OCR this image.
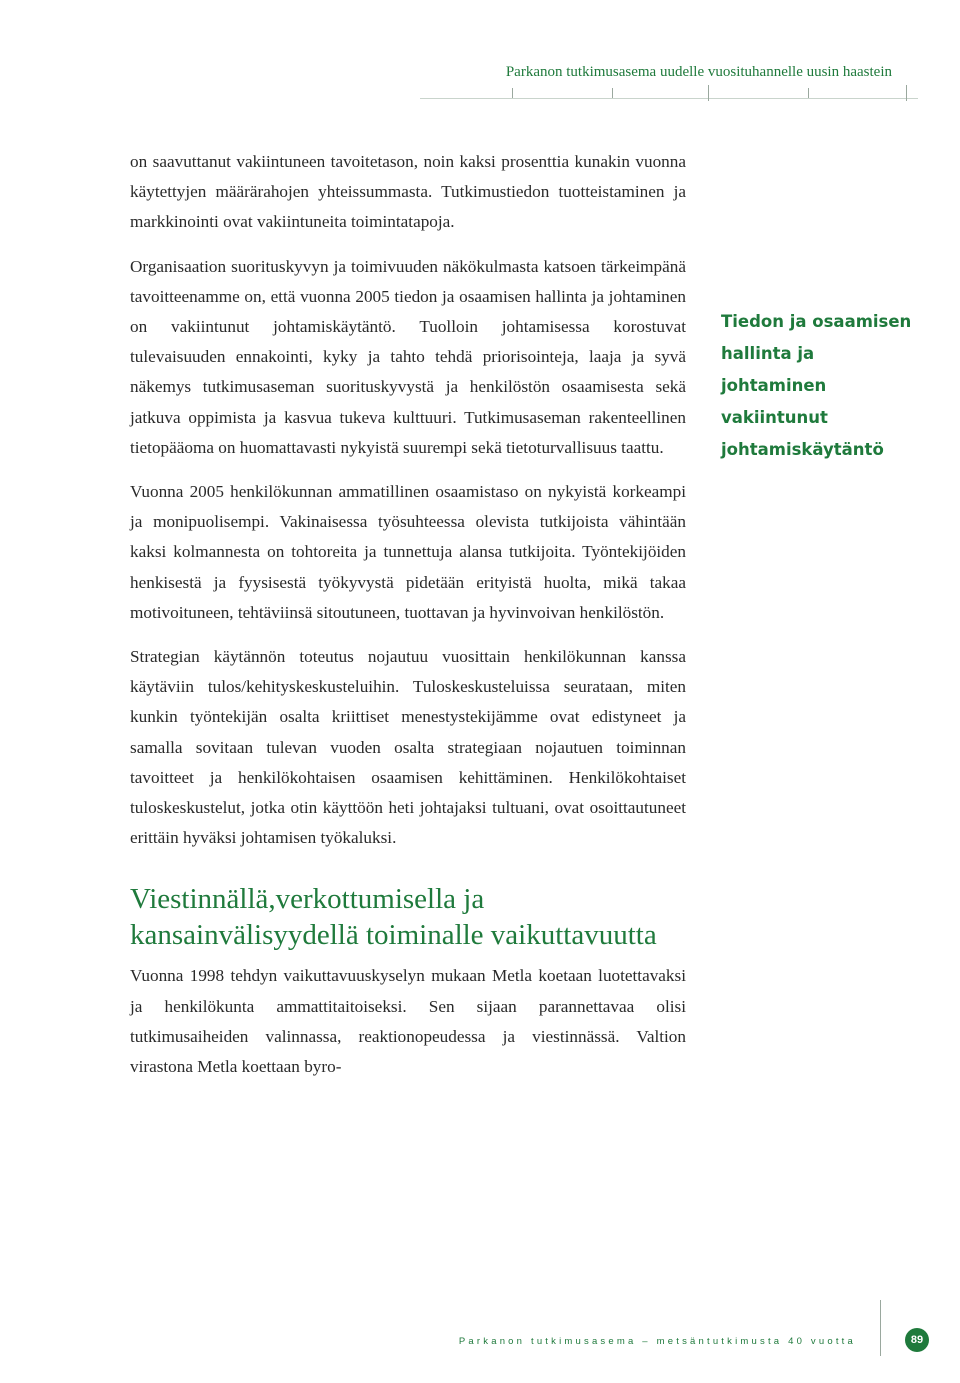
Parkanon tutkimusasema uudelle vuosituhannelle uusin haastein

on saavuttanut vakiintuneen tavoitetason, noin kaksi prosenttia kunakin vuonna käytettyjen määrärahojen yhteissummasta. Tutkimustiedon tuotteistaminen ja markkinointi ovat vakiintuneita toimintatapoja.

Organisaation suorituskyvyn ja toimivuuden näkökulmasta katsoen tärkeimpänä tavoitteenamme on, että vuonna 2005 tiedon ja osaamisen hallinta ja johtaminen on vakiintunut johtamiskäytäntö. Tuolloin johtamisessa korostuvat tulevaisuuden ennakointi, kyky ja tahto tehdä priorisointeja, laaja ja syvä näkemys tutkimusaseman suorituskyvystä ja henkilöstön osaamisesta sekä jatkuva oppimista ja kasvua tukeva kulttuuri. Tutkimusaseman rakenteellinen tietopääoma on huomattavasti nykyistä suurempi sekä tietoturvallisuus taattu.

Vuonna 2005 henkilökunnan ammatillinen osaamistaso on nykyistä korkeampi ja monipuolisempi. Vakinaisessa työsuhteessa olevista tutkijoista vähintään kaksi kolmannesta on tohtoreita ja tunnettuja alansa tutkijoita. Työntekijöiden henkisestä ja fyysisestä työkyvystä pidetään erityistä huolta, mikä takaa motivoituneen, tehtäviinsä sitoutuneen, tuottavan ja hyvinvoivan henkilöstön.

Strategian käytännön toteutus nojautuu vuosittain henkilökunnan kanssa käytäviin tulos/kehityskeskusteluihin. Tuloskeskusteluissa seurataan, miten kunkin työntekijän osalta kriittiset menestystekijämme ovat edistyneet ja samalla sovitaan tulevan vuoden osalta strategiaan nojautuen toiminnan tavoitteet ja henkilökohtaisen osaamisen kehittäminen. Henkilökohtaiset tuloskeskustelut, jotka otin käyttöön heti johtajaksi tultuani, ovat osoittautuneet erittäin hyväksi johtamisen työkaluksi.

Viestinnällä,verkottumisella ja kansainvälisyydellä toiminalle vaikuttavuutta

Vuonna 1998 tehdyn vaikuttavuuskyselyn mukaan Metla koetaan luotettavaksi ja henkilökunta ammattitaitoiseksi. Sen sijaan parannettavaa olisi tutkimusaiheiden valinnassa, reaktionopeudessa ja viestinnässä. Valtion virastona Metla koettaan byro-

Tiedon ja osaamisen hallinta ja johtaminen vakiintunut johtamiskäytäntö

Parkanon tutkimusasema – metsäntutkimusta 40 vuotta	89
